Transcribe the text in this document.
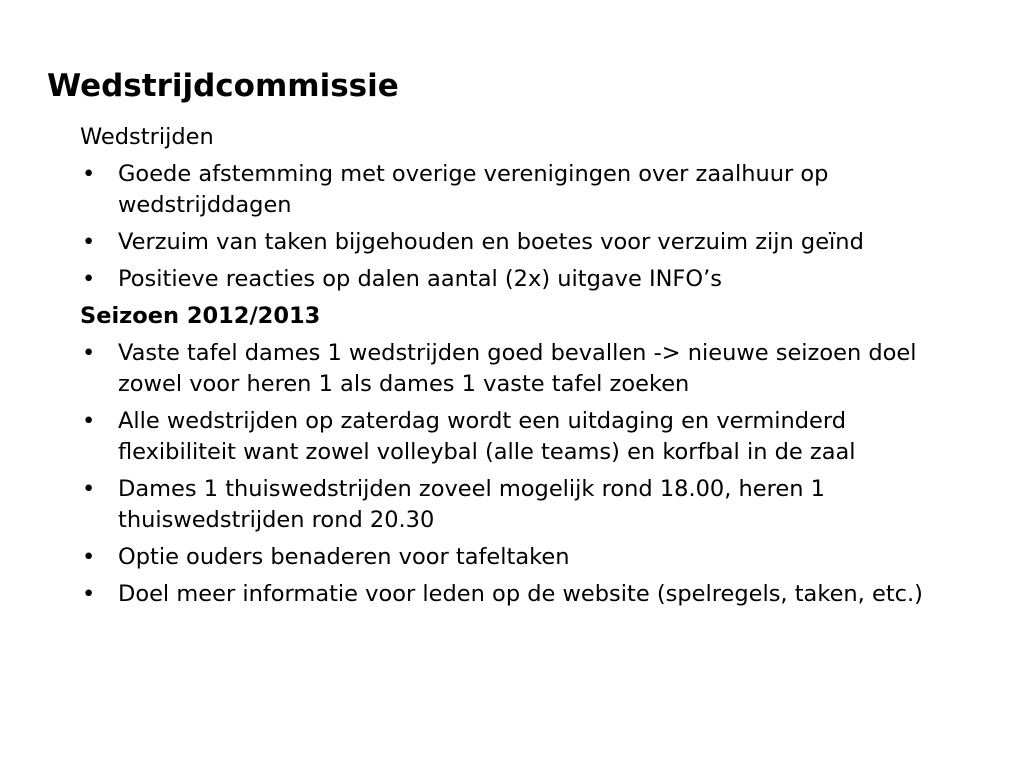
Wedstrijdcommissie
Wedstrijden
• Goede afstemming met overige verenigingen over zaalhuur op wedstrijddagen
• Verzuim van taken bijgehouden en boetes voor verzuim zijn geïnd
• Positieve reacties op dalen aantal (2x) uitgave INFO’s
Seizoen 2012/2013
• Vaste tafel dames 1 wedstrijden goed bevallen -> nieuwe seizoen doel zowel voor heren 1 als dames 1 vaste tafel zoeken
• Alle wedstrijden op zaterdag wordt een uitdaging en verminderd flexibiliteit want zowel volleybal (alle teams) en korfbal in de zaal
• Dames 1 thuiswedstrijden zoveel mogelijk rond 18.00, heren 1 thuiswedstrijden rond 20.30
• Optie ouders benaderen voor tafeltaken
• Doel meer informatie voor leden op de website (spelregels, taken, etc.)
